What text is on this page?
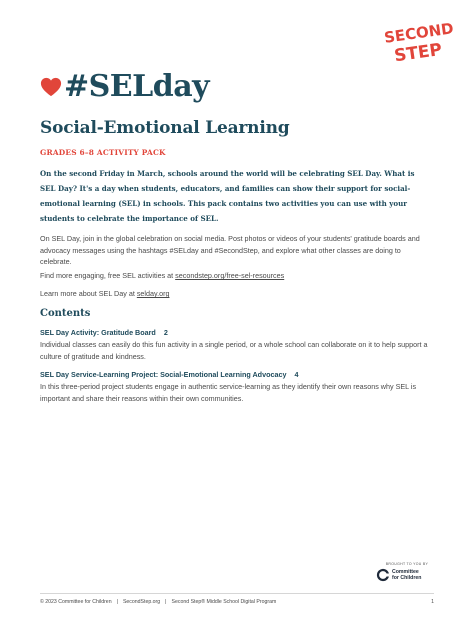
SECOND
STEP
#SEL day
Social-Emotional Learning
GRADES 6–8 ACTIVITY PACK
On the second Friday in March, schools around the world will be celebrating SEL Day. What is SEL Day? It's a day when students, educators, and families can show their support for social-emotional learning (SEL) in schools. This pack contains two activities you can use with your students to celebrate the importance of SEL.
On SEL Day, join in the global celebration on social media. Post photos or videos of your students' gratitude boards and advocacy messages using the hashtags #SELday and #SecondStep, and explore what other classes are doing to celebrate.
Find more engaging, free SEL activities at secondstep.org/free-sel-resources
Learn more about SEL Day at selday.org
Contents
SEL Day Activity: Gratitude Board 2
Individual classes can easily do this fun activity in a single period, or a whole school can collaborate on it to help support a culture of gratitude and kindness.
SEL Day Service-Learning Project: Social-Emotional Learning Advocacy 4
In this three-period project students engage in authentic service-learning as they identify their own reasons why SEL is important and share their reasons within their own communities.
BROUGHT TO YOU BY
Committee
for Children
© 2023 Committee for Children | SecondStep.org | Second Step® Middle School Digital Program	1
